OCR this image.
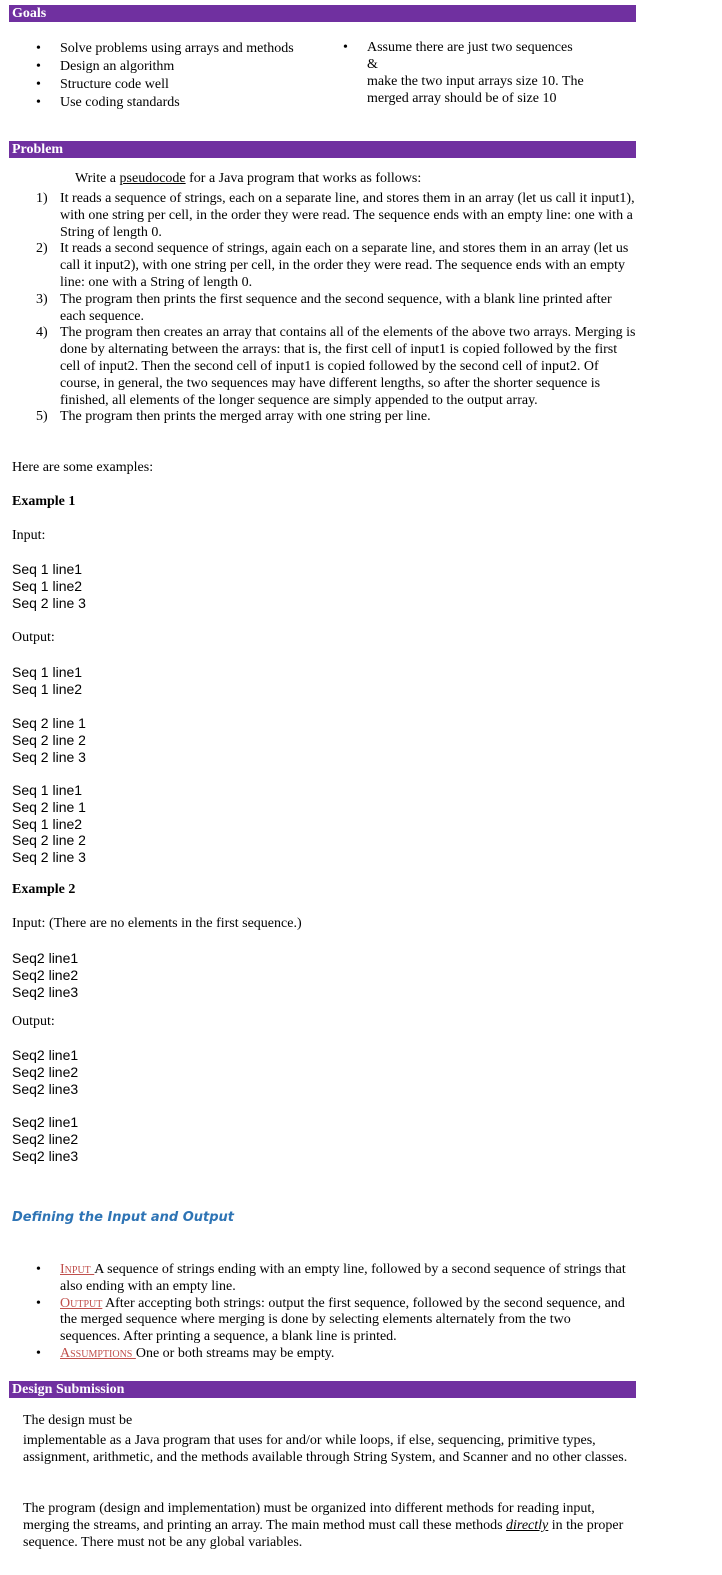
Goals
• Solve problems using arrays and methods
• Design an algorithm
• Structure code well
• Use coding standards
• Assume there are just two sequences
&
make the two input arrays size 10. The
merged array should be of size 10
Problem
Write a pseudocode for a Java program that works as follows:
1) It reads a sequence of strings, each on a separate line, and stores them in an array (let us call it input1), with one string per cell, in the order they were read. The sequence ends with an empty line: one with a String of length 0.
2) It reads a second sequence of strings, again each on a separate line, and stores them in an array (let us call it input2), with one string per cell, in the order they were read. The sequence ends with an empty line: one with a String of length 0.
3) The program then prints the first sequence and the second sequence, with a blank line printed after each sequence.
4) The program then creates an array that contains all of the elements of the above two arrays. Merging is done by alternating between the arrays: that is, the first cell of input1 is copied followed by the first cell of input2. Then the second cell of input1 is copied followed by the second cell of input2. Of course, in general, the two sequences may have different lengths, so after the shorter sequence is finished, all elements of the longer sequence are simply appended to the output array.
5) The program then prints the merged array with one string per line.
Here are some examples:
Example 1
Input:
Seq 1 line1
Seq 1 line2
Seq 2 line 3
Output:
Seq 1 line1
Seq 1 line2
Seq 2 line 1
Seq 2 line 2
Seq 2 line 3
Seq 1 line1
Seq 2 line 1
Seq 1 line2
Seq 2 line 2
Seq 2 line 3
Example 2
Input: (There are no elements in the first sequence.)
Seq2 line1
Seq2 line2
Seq2 line3
Output:
Seq2 line1
Seq2 line2
Seq2 line3
Seq2 line1
Seq2 line2
Seq2 line3
Defining the Input and Output
• Input A sequence of strings ending with an empty line, followed by a second sequence of strings that also ending with an empty line.
• Output After accepting both strings: output the first sequence, followed by the second sequence, and the merged sequence where merging is done by selecting elements alternately from the two sequences. After printing a sequence, a blank line is printed.
• Assumptions One or both streams may be empty.
Design Submission
The design must be
implementable as a Java program that uses for and/or while loops, if else, sequencing, primitive types, assignment, arithmetic, and the methods available through String System, and Scanner and no other classes.
The program (design and implementation) must be organized into different methods for reading input, merging the streams, and printing an array. The main method must call these methods directly in the proper sequence. There must not be any global variables.
